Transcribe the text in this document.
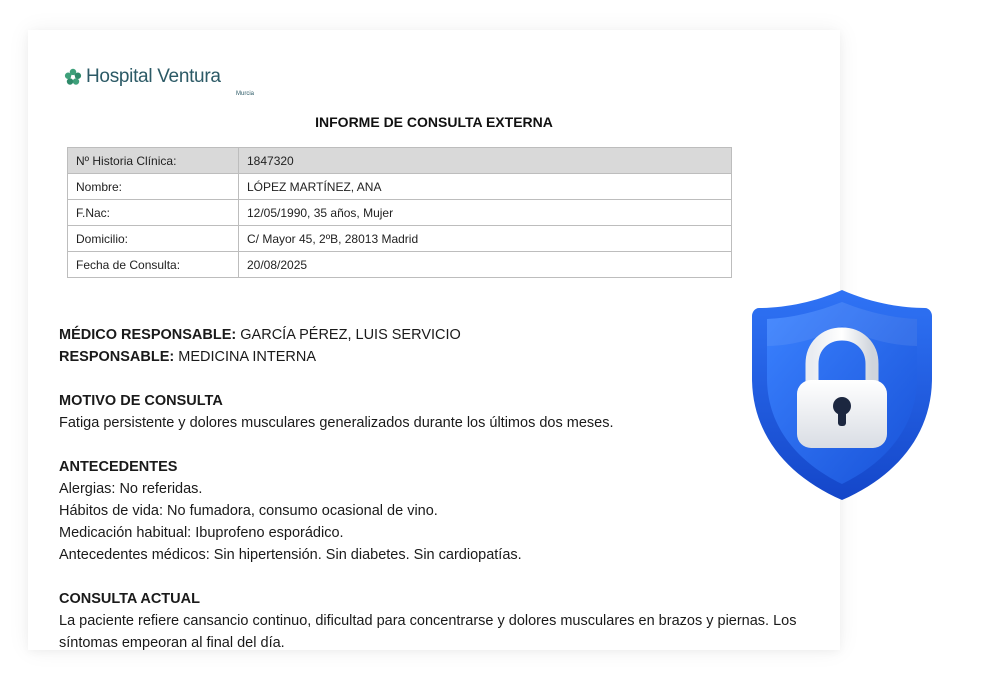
Hospital Ventura
Murcia
INFORME DE CONSULTA EXTERNA
Nº Historia Clínica:	1847320
Nombre:	LÓPEZ MARTÍNEZ, ANA
F.Nac:	12/05/1990, 35 años, Mujer
Domicilio:	C/ Mayor 45, 2ºB, 28013 Madrid
Fecha de Consulta:	20/08/2025

MÉDICO RESPONSABLE: GARCÍA PÉREZ, LUIS SERVICIO

RESPONSABLE: MEDICINA INTERNA

MOTIVO DE CONSULTA

Fatiga persistente y dolores musculares generalizados durante los últimos dos meses.

ANTECEDENTES

Alergias: No referidas.

Hábitos de vida: No fumadora, consumo ocasional de vino.

Medicación habitual: Ibuprofeno esporádico.

Antecedentes médicos: Sin hipertensión. Sin diabetes. Sin cardiopatías.

CONSULTA ACTUAL

La paciente refiere cansancio continuo, dificultad para concentrarse y dolores musculares en brazos y piernas. Los síntomas empeoran al final del día.
